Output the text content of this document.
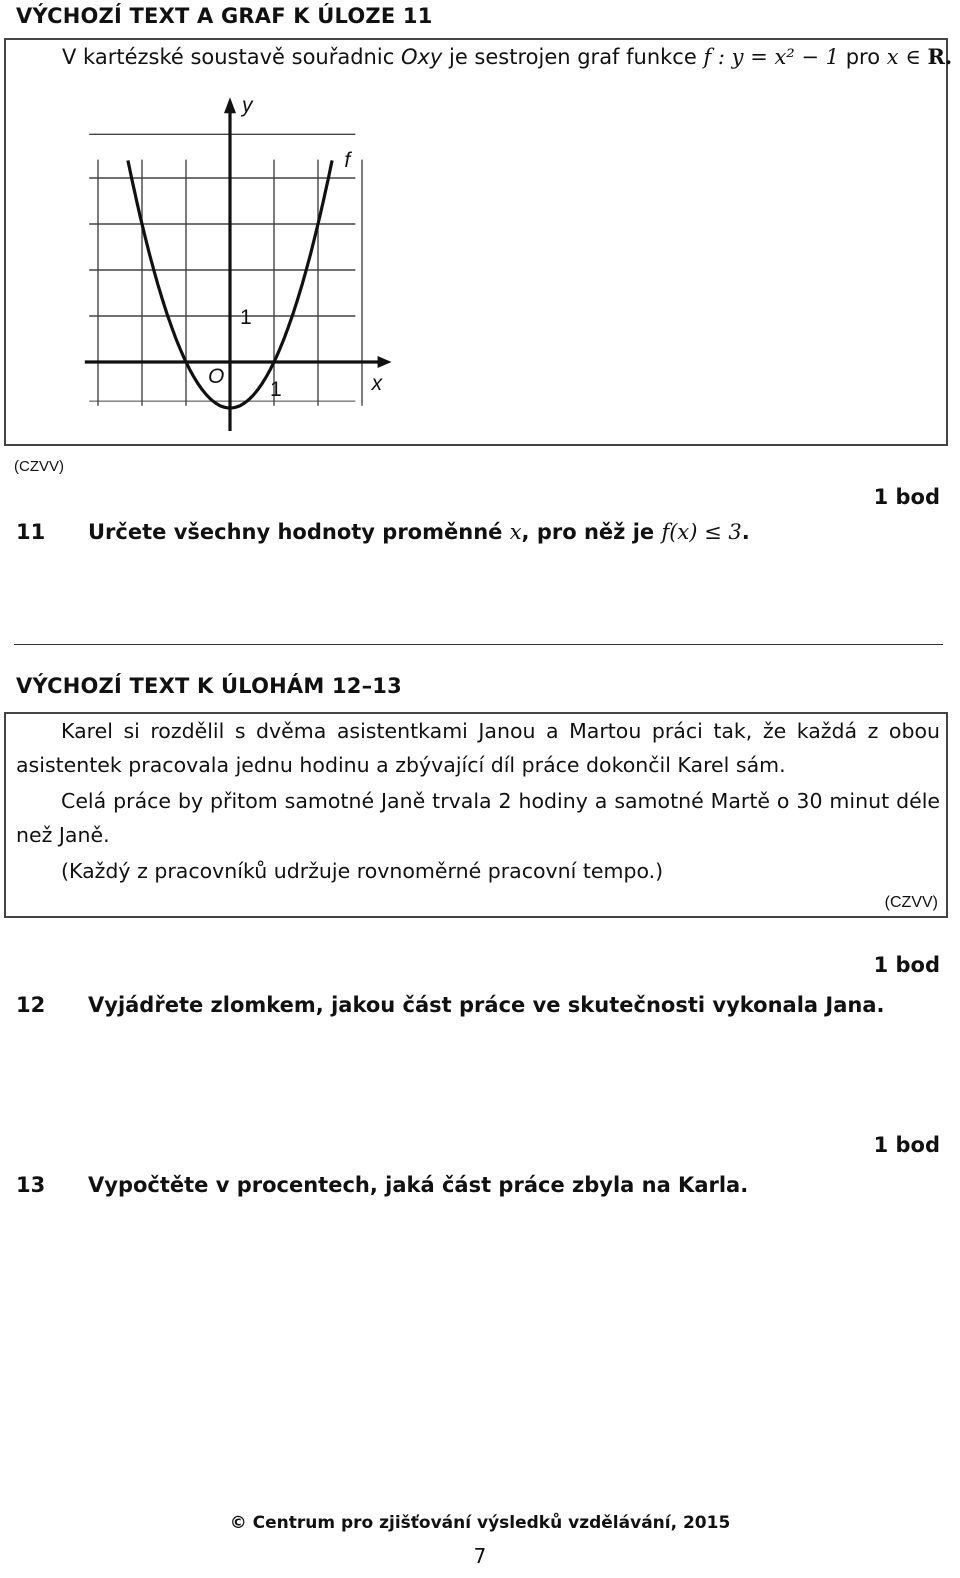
VÝCHOZÍ TEXT A GRAF K ÚLOZE 11
V kartézské soustavě souřadnic Oxy je sestrojen graf funkce f : y = x² − 1 pro x ∈ R.
y
x
O
1
1
f
(CZVV)
1 bod
11 Určete všechny hodnoty proměnné x, pro něž je f(x) ≤ 3.
VÝCHOZÍ TEXT K ÚLOHÁM 12–13

Karel si rozdělil s dvěma asistentkami Janou a Martou práci tak, že každá z obou asistentek pracovala jednu hodinu a zbývající díl práce dokončil Karel sám.

Celá práce by přitom samotné Janě trvala 2 hodiny a samotné Martě o 30 minut déle než Janě.

(Každý z pracovníků udržuje rovnoměrné pracovní tempo.)

(CZVV)
1 bod
12 Vyjádřete zlomkem, jakou část práce ve skutečnosti vykonala Jana.
1 bod
13 Vypočtěte v procentech, jaká část práce zbyla na Karla.
© Centrum pro zjišťování výsledků vzdělávání, 2015
7
